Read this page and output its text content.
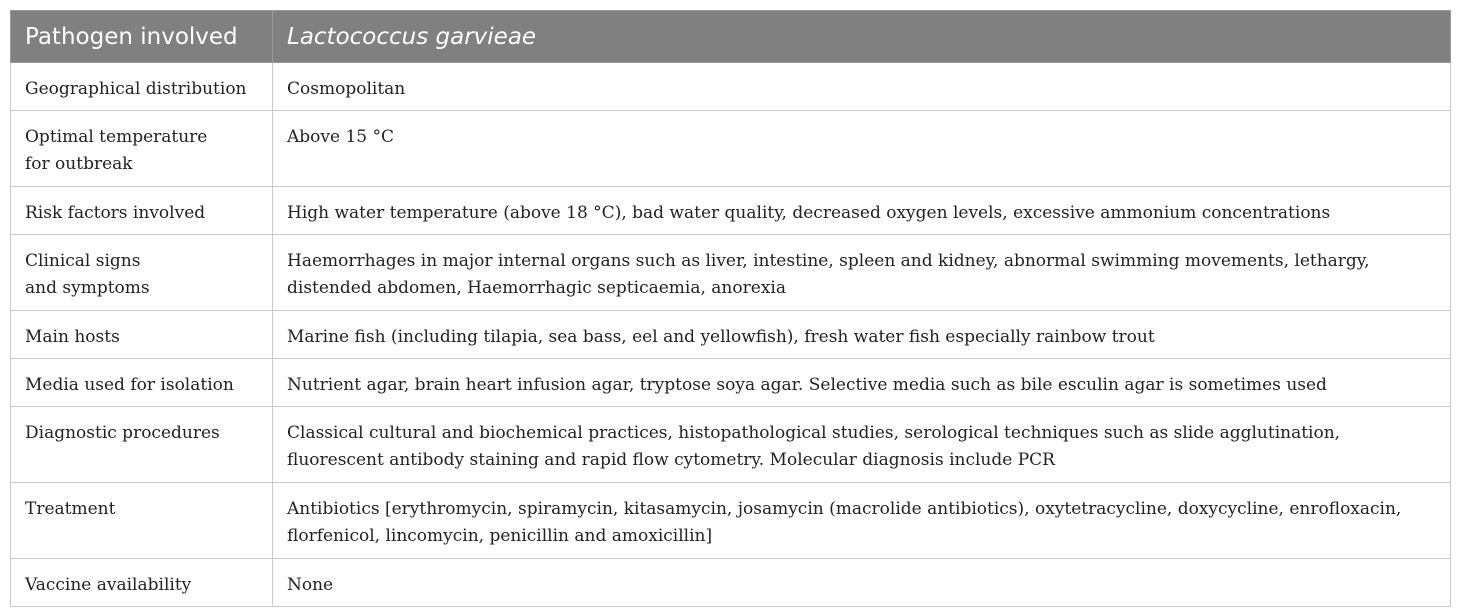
Pathogen involved	Lactococcus garvieae
Geographical distribution	Cosmopolitan
Optimal temperature
for outbreak	Above 15 °C
Risk factors involved	High water temperature (above 18 °C), bad water quality, decreased oxygen levels, excessive ammonium concentrations
Clinical signs
and symptoms	Haemorrhages in major internal organs such as liver, intestine, spleen and kidney, abnormal swimming movements, lethargy, distended abdomen, Haemorrhagic septicaemia, anorexia
Main hosts	Marine fish (including tilapia, sea bass, eel and yellowfish), fresh water fish especially rainbow trout
Media used for isolation	Nutrient agar, brain heart infusion agar, tryptose soya agar. Selective media such as bile esculin agar is sometimes used
Diagnostic procedures	Classical cultural and biochemical practices, histopathological studies, serological techniques such as slide agglutination, fluorescent antibody staining and rapid flow cytometry. Molecular diagnosis include PCR
Treatment	Antibiotics [erythromycin, spiramycin, kitasamycin, josamycin (macrolide antibiotics), oxytetracycline, doxycycline, enrofloxacin, florfenicol, lincomycin, penicillin and amoxicillin]
Vaccine availability	None
